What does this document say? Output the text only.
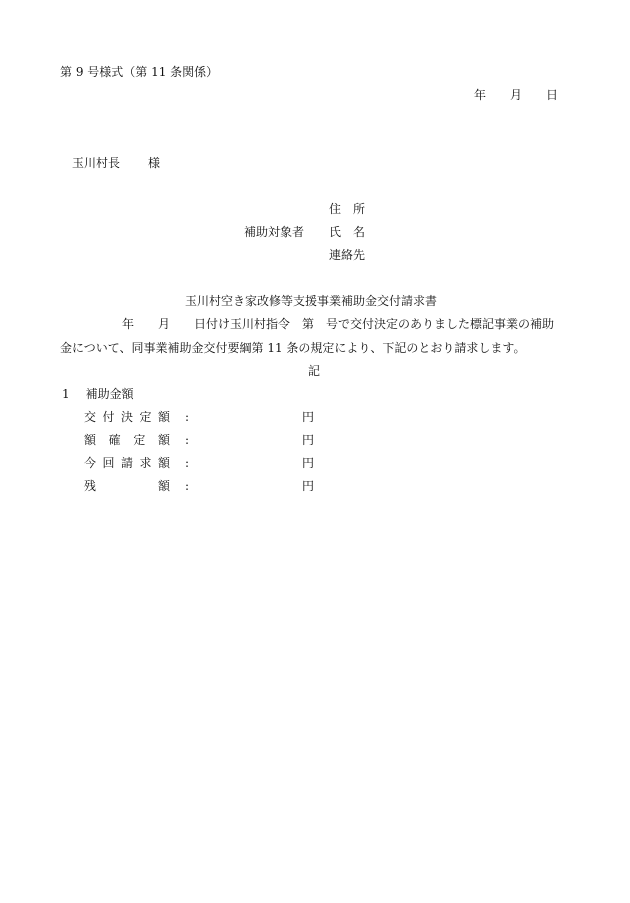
第 9 号様式（第 11 条関係）
年 月 日
玉川村長 様
補助対象者
住所
氏名
連絡先
玉川村空き家改修等支援事業補助金交付請求書
年　　月　　日付け玉川村指令　第　号で交付決定のありました標記事業の補助
金について、同事業補助金交付要綱第 11 条の規定により、下記のとおり請求します。
記
1 補助金額
交 付 決 定 額 :	円
額 確 定 額 :	円
今 回 請 求 額 :	円
残	額 :	円
